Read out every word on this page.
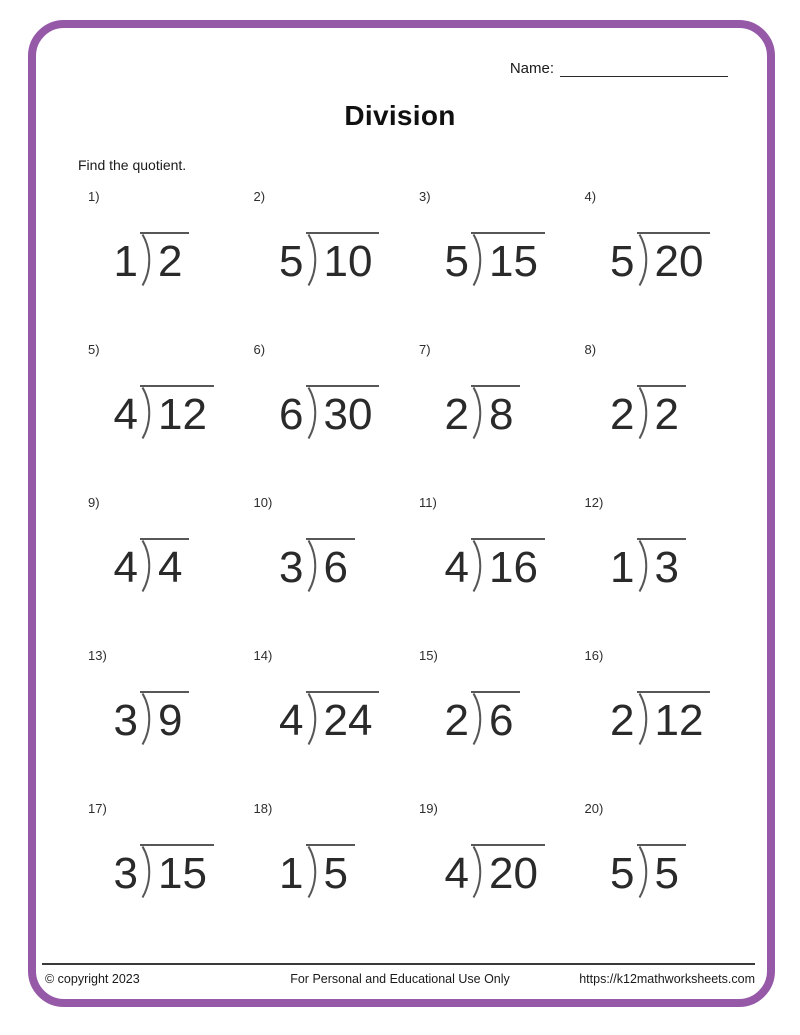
Name:
Division
Find the quotient.
1)
1 2
2)
5 10
3)
5 15
4)
5 20
5)
4 12
6)
6 30
7)
2 8
8)
2 2
9)
4 4
10)
3 6
11)
4 16
12)
1 3
13)
3 9
14)
4 24
15)
2 6
16)
2 12
17)
3 15
18)
1 5
19)
4 20
20)
5 5
© copyright 2023	For Personal and Educational Use Only	https://k12mathworksheets.com
